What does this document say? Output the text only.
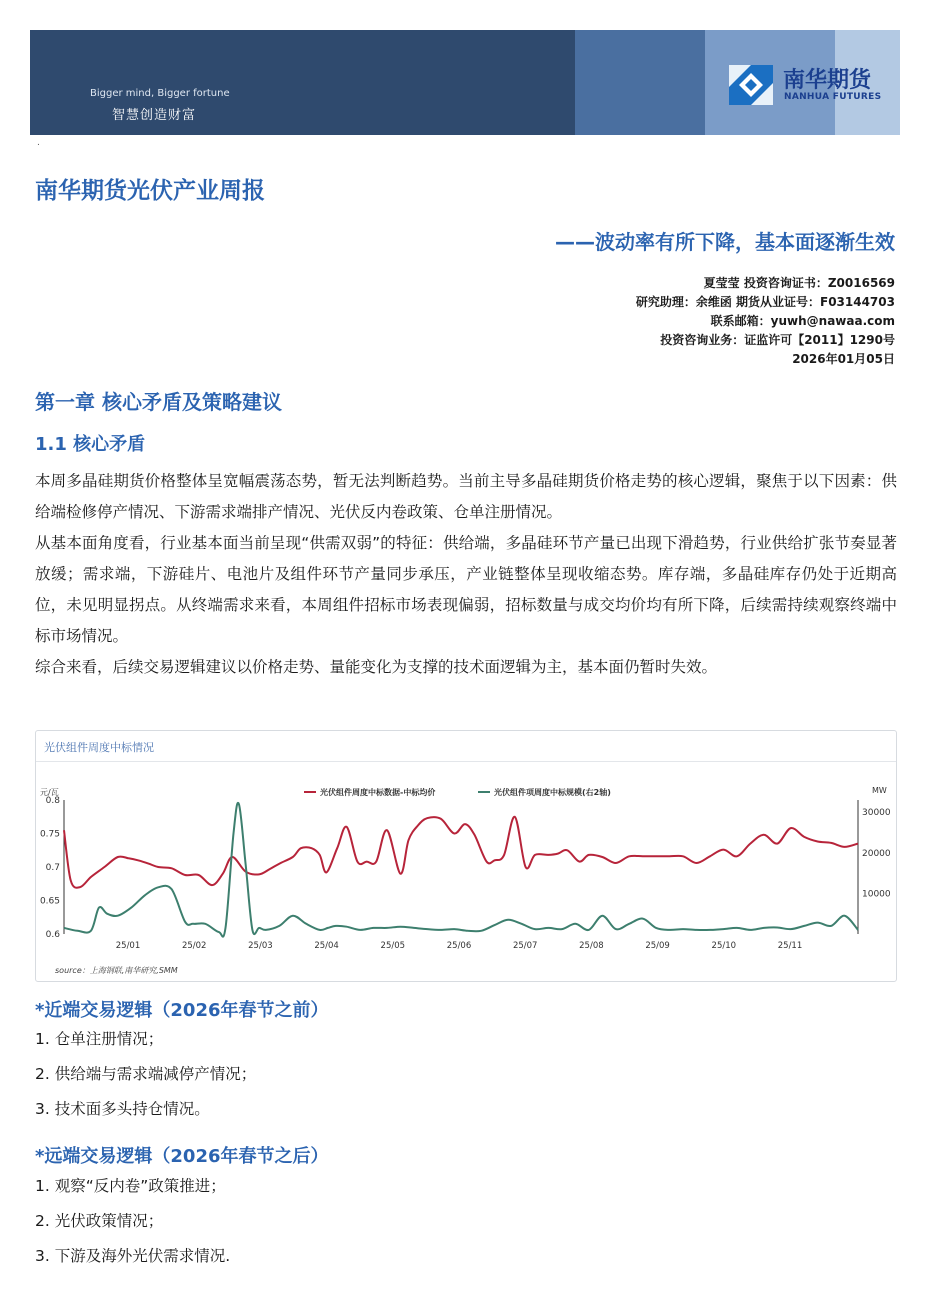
Bigger mind, Bigger fortune
智慧创造财富
南华期货
NANHUA FUTURES
.
南华期货光伏产业周报
——波动率有所下降，基本面逐渐生效
夏莹莹 投资咨询证书：Z0016569
研究助理：余维函 期货从业证号：F03144703
联系邮箱：yuwh@nawaa.com
投资咨询业务：证监许可【2011】1290号
2026年01月05日
第一章 核心矛盾及策略建议
1.1 核心矛盾

本周多晶硅期货价格整体呈宽幅震荡态势，暂无法判断趋势。当前主导多晶硅期货价格走势的核心逻辑，聚焦于以下因素：供给端检修停产情况、下游需求端排产情况、光伏反内卷政策、仓单注册情况。

从基本面角度看，行业基本面当前呈现“供需双弱”的特征：供给端，多晶硅环节产量已出现下滑趋势，行业供给扩张节奏显著放缓；需求端，下游硅片、电池片及组件环节产量同步承压，产业链整体呈现收缩态势。库存端，多晶硅库存仍处于近期高位，未见明显拐点。从终端需求来看，本周组件招标市场表现偏弱，招标数量与成交均价均有所下降，后续需持续观察终端中标市场情况。

综合来看，后续交易逻辑建议以价格走势、量能变化为支撑的技术面逻辑为主，基本面仍暂时失效。

光伏组件周度中标情况
元/瓦	MW
0.8
0.75
0.7
0.65
0.6
30000
20000
10000
25/01	25/02	25/03	25/04	25/05	25/06	25/07	25/08	25/09	25/10	25/11
光伏组件周度中标数据-中标均价	光伏组件项周度中标规模(右2轴)
source：上海钢联,南华研究,SMM
*近端交易逻辑（2026年春节之前）
1. 仓单注册情况；
2. 供给端与需求端减停产情况；
3. 技术面多头持仓情况。
*远端交易逻辑（2026年春节之后）
1. 观察“反内卷”政策推进；
2. 光伏政策情况；
3. 下游及海外光伏需求情况.
